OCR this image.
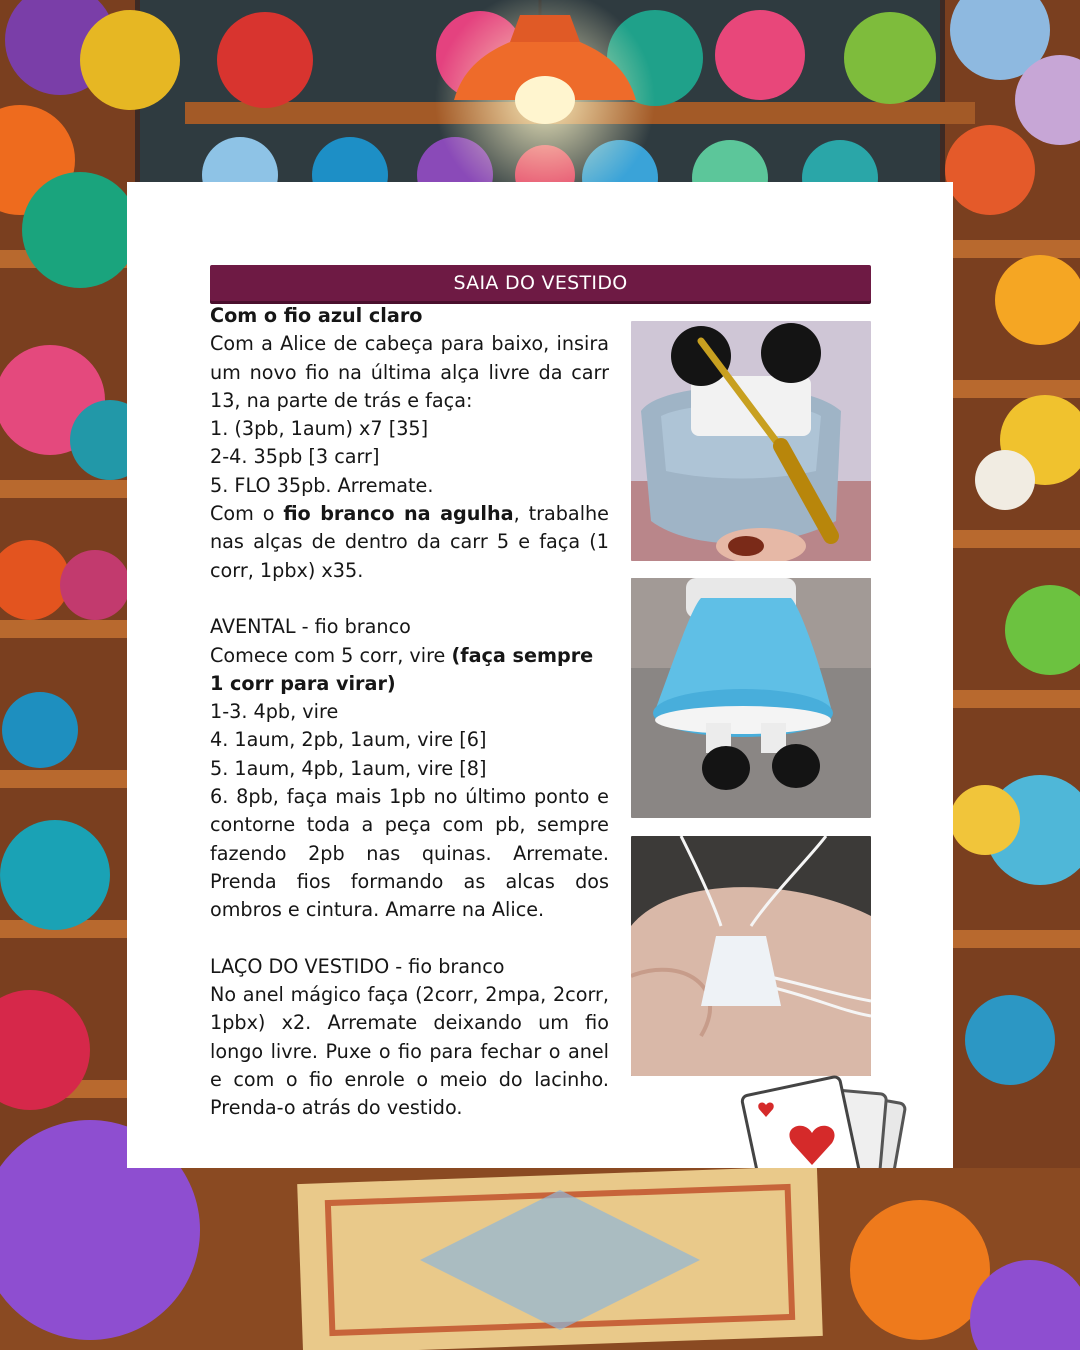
SAIA DO VESTIDO

Com o fio azul claro

Com a Alice de cabeça para baixo, insira um novo fio na última alça livre da carr 13, na parte de trás e faça:

1. (3pb, 1aum) x7 [35]

2-4. 35pb [3 carr]

5. FLO 35pb. Arremate.

Com o fio branco na agulha, trabalhe nas alças de dentro da carr 5 e faça (1 corr, 1pbx) x35.

AVENTAL - fio branco

Comece com 5 corr, vire (faça sempre 1 corr para virar)

1-3. 4pb, vire

4. 1aum, 2pb, 1aum, vire [6]

5. 1aum, 4pb, 1aum, vire [8]

6. 8pb, faça mais 1pb no último ponto e contorne toda a peça com pb, sempre fazendo 2pb nas quinas. Arremate. Prenda fios formando as alcas dos ombros e cintura. Amarre na Alice.

LAÇO DO VESTIDO - fio branco

No anel mágico faça (2corr, 2mpa, 2corr, 1pbx) x2. Arremate deixando um fio longo livre. Puxe o fio para fechar o anel e com o fio enrole o meio do lacinho. Prenda-o atrás do vestido.
